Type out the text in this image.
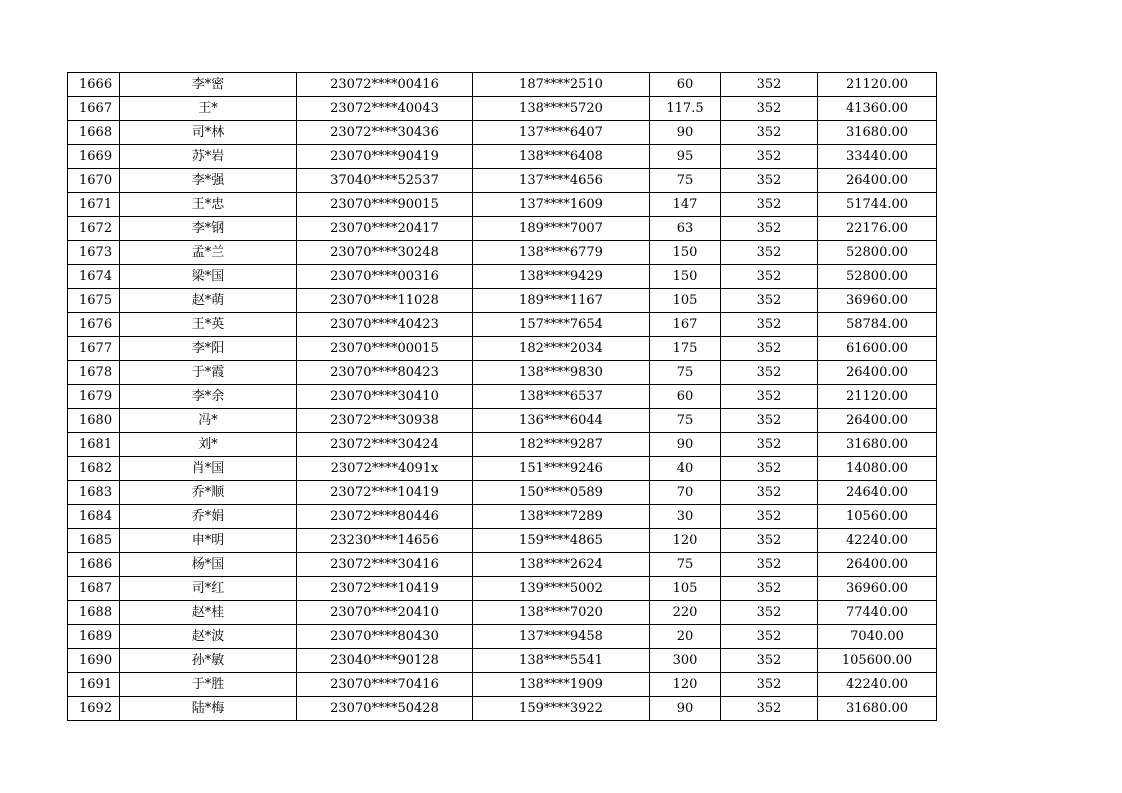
1666	李*密	23072****00416	187****2510	60	352	21120.00
1667	王*	23072****40043	138****5720	117.5	352	41360.00
1668	司*林	23072****30436	137****6407	90	352	31680.00
1669	苏*岩	23070****90419	138****6408	95	352	33440.00
1670	李*强	37040****52537	137****4656	75	352	26400.00
1671	王*忠	23070****90015	137****1609	147	352	51744.00
1672	李*钢	23070****20417	189****7007	63	352	22176.00
1673	孟*兰	23070****30248	138****6779	150	352	52800.00
1674	梁*国	23070****00316	138****9429	150	352	52800.00
1675	赵*萌	23070****11028	189****1167	105	352	36960.00
1676	王*英	23070****40423	157****7654	167	352	58784.00
1677	李*阳	23070****00015	182****2034	175	352	61600.00
1678	于*霞	23070****80423	138****9830	75	352	26400.00
1679	李*余	23070****30410	138****6537	60	352	21120.00
1680	冯*	23072****30938	136****6044	75	352	26400.00
1681	刘*	23072****30424	182****9287	90	352	31680.00
1682	肖*国	23072****4091x	151****9246	40	352	14080.00
1683	乔*顺	23072****10419	150****0589	70	352	24640.00
1684	乔*娟	23072****80446	138****7289	30	352	10560.00
1685	申*明	23230****14656	159****4865	120	352	42240.00
1686	杨*国	23072****30416	138****2624	75	352	26400.00
1687	司*红	23072****10419	139****5002	105	352	36960.00
1688	赵*桂	23070****20410	138****7020	220	352	77440.00
1689	赵*波	23070****80430	137****9458	20	352	7040.00
1690	孙*敏	23040****90128	138****5541	300	352	105600.00
1691	于*胜	23070****70416	138****1909	120	352	42240.00
1692	陆*梅	23070****50428	159****3922	90	352	31680.00
